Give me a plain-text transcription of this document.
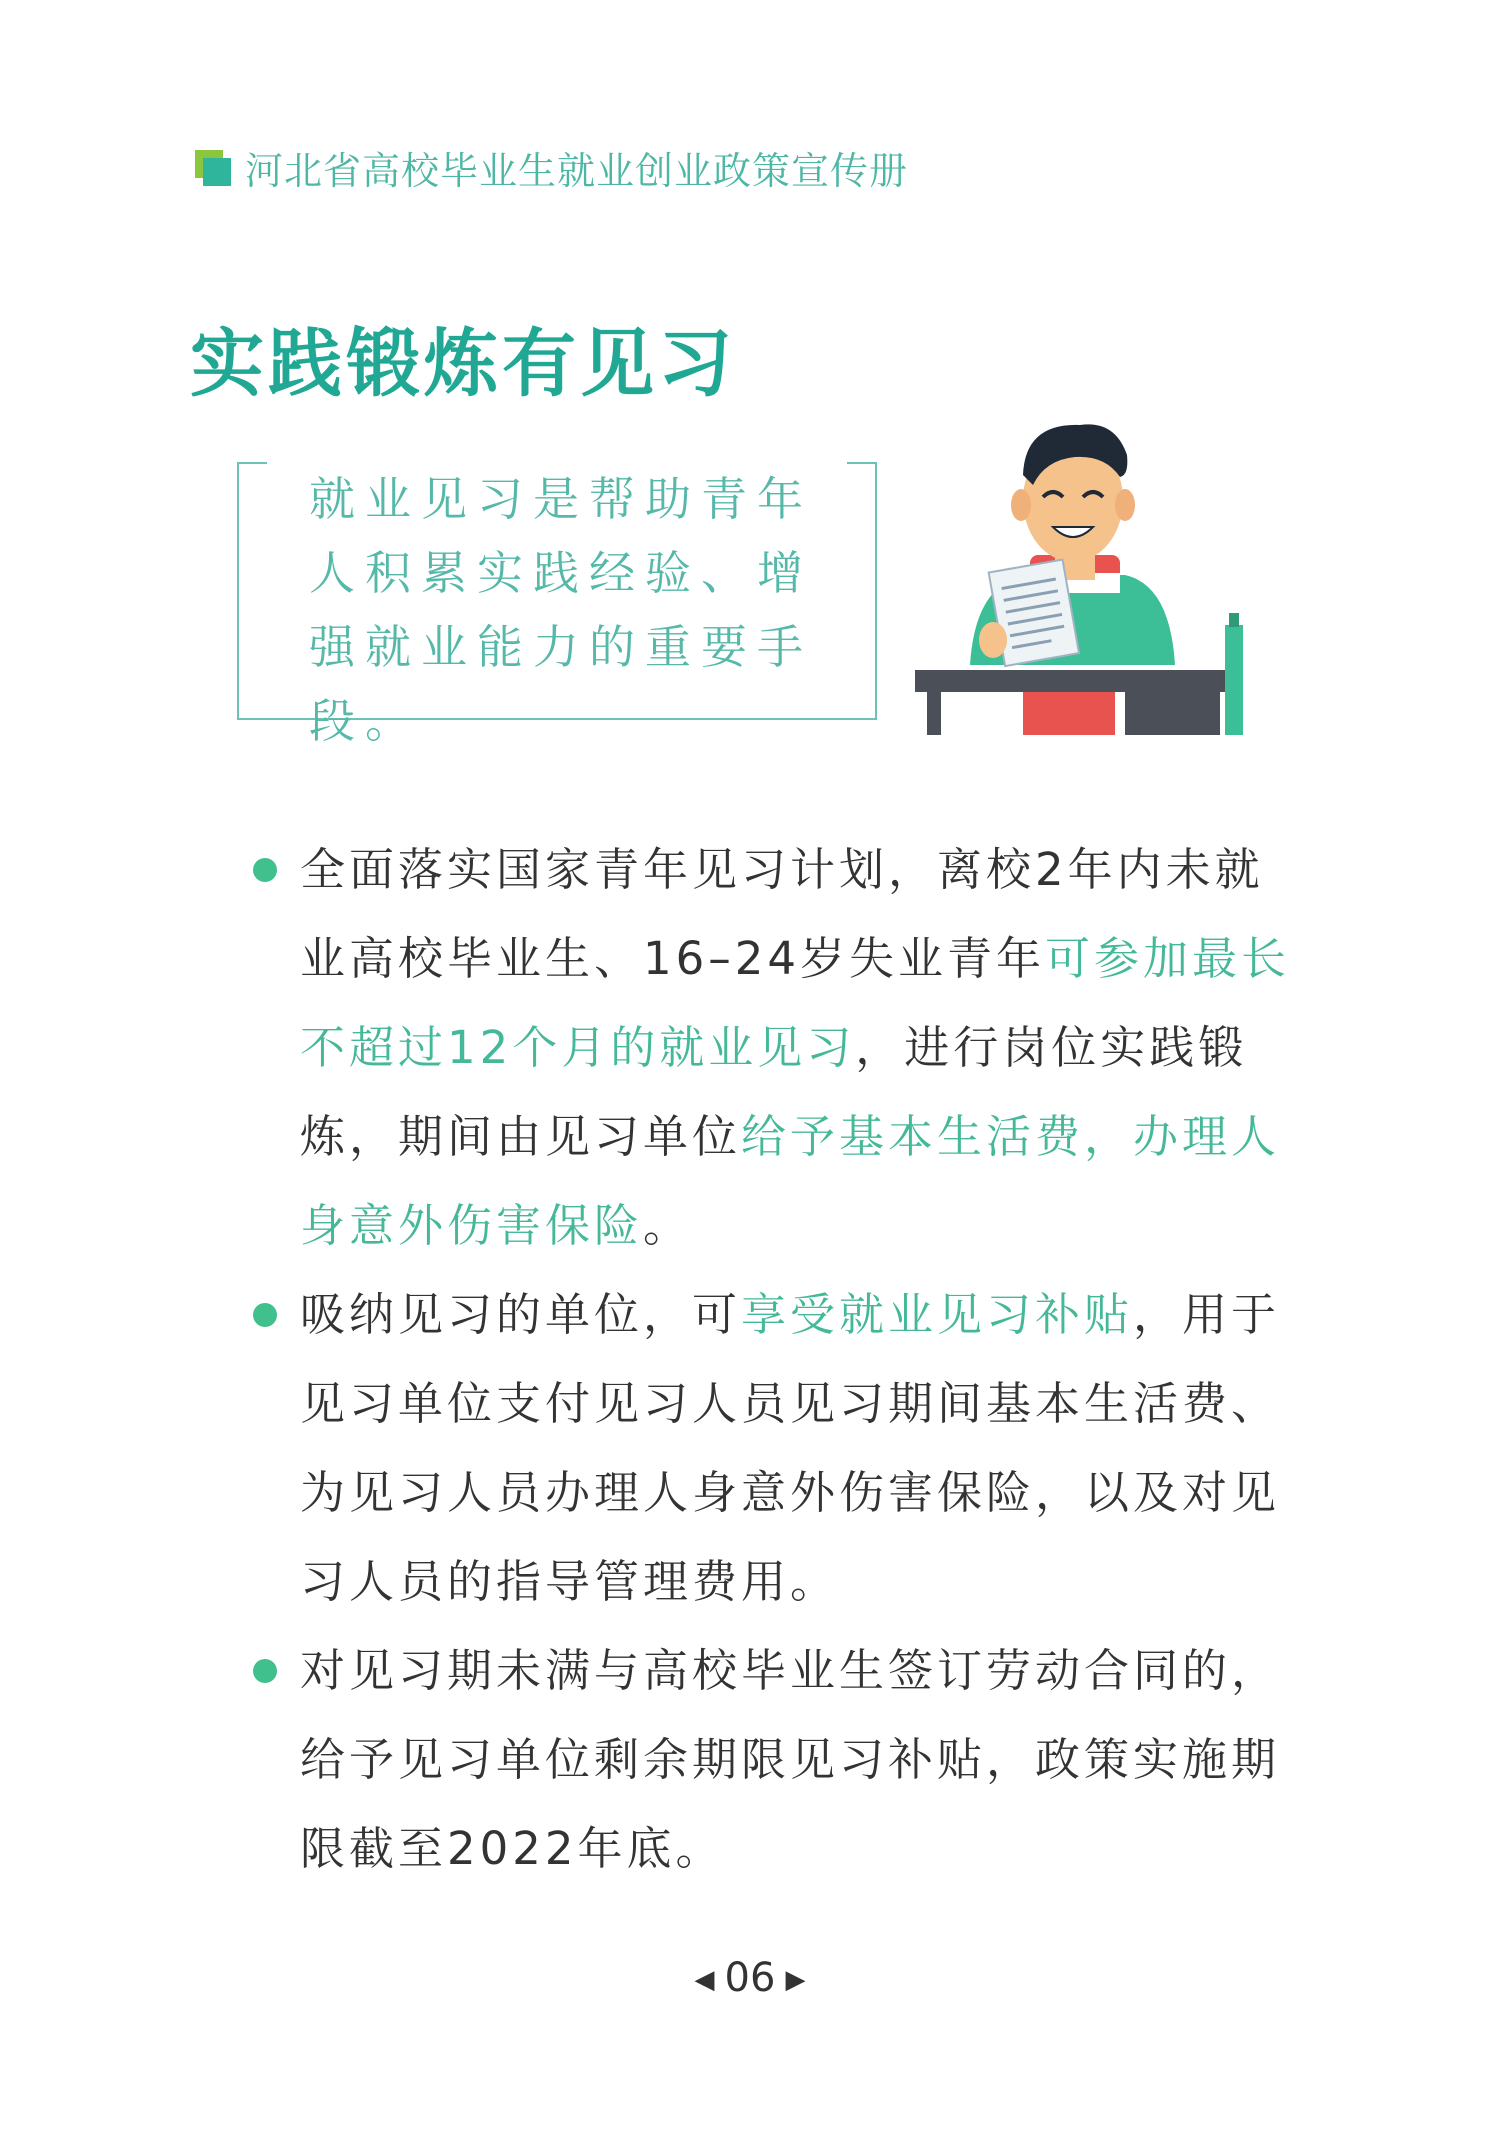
河北省高校毕业生就业创业政策宣传册
实践锻炼有见习
就业见习是帮助青年人积累实践经验、增强就业能力的重要手段。
全面落实国家青年见习计划，离校2年内未就业高校毕业生、16–24岁失业青年可参加最长不超过12个月的就业见习，进行岗位实践锻炼，期间由见习单位给予基本生活费，办理人身意外伤害保险。
吸纳见习的单位，可享受就业见习补贴，用于见习单位支付见习人员见习期间基本生活费、为见习人员办理人身意外伤害保险，以及对见习人员的指导管理费用。
对见习期未满与高校毕业生签订劳动合同的，给予见习单位剩余期限见习补贴，政策实施期限截至2022年底。
◀ 06 ▶
